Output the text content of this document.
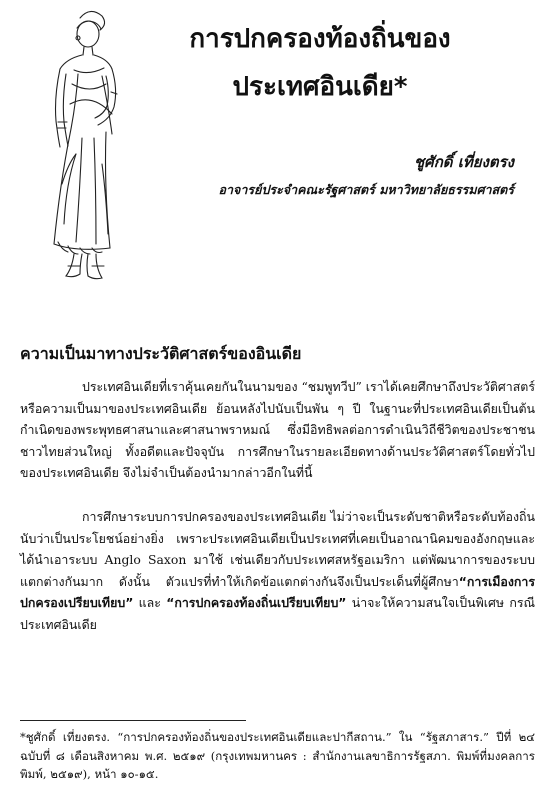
การปกครองท้องถิ่นของ
ประเทศอินเดีย*

ชูศักดิ์ เที่ยงตรง

อาจารย์ประจำคณะรัฐศาสตร์ มหาวิทยาลัยธรรมศาสตร์

ความเป็นมาทางประวัติศาสตร์ของอินเดีย

ประเทศอินเดียที่เราคุ้นเคยกันในนามของ “ชมพูทวีป” เราได้เคยศึกษาถึงประวัติศาสตร์หรือความเป็นมาของประเทศอินเดีย ย้อนหลังไปนับเป็นพัน ๆ ปี ในฐานะที่ประเทศอินเดียเป็นต้นกำเนิดของพระพุทธศาสนาและศาสนาพราหมณ์ ซึ่งมีอิทธิพลต่อการดำเนินวิถีชีวิตของประชาชนชาวไทยส่วนใหญ่ ทั้งอดีตและปัจจุบัน การศึกษาในรายละเอียดทางด้านประวัติศาสตร์โดยทั่วไปของประเทศอินเดีย จึงไม่จำเป็นต้องนำมากล่าวอีกในที่นี้

การศึกษาระบบการปกครองของประเทศอินเดีย ไม่ว่าจะเป็นระดับชาติหรือระดับท้องถิ่นนับว่าเป็นประโยชน์อย่างยิ่ง เพราะประเทศอินเดียเป็นประเทศที่เคยเป็นอาณานิคมของอังกฤษและได้นำเอาระบบ Anglo Saxon มาใช้ เช่นเดียวกับประเทศสหรัฐอเมริกา แต่พัฒนาการของระบบแตกต่างกันมาก ดังนั้น ตัวแปรที่ทำให้เกิดข้อแตกต่างกันจึงเป็นประเด็นที่ผู้ศึกษา“การเมืองการปกครองเปรียบเทียบ” และ “การปกครองท้องถิ่นเปรียบเทียบ” น่าจะให้ความสนใจเป็นพิเศษ กรณีประเทศอินเดีย

*ชูศักดิ์ เที่ยงตรง. “การปกครองท้องถิ่นของประเทศอินเดียและปากีสถาน.” ใน “รัฐสภาสาร.” ปีที่ ๒๔ ฉบับที่ ๘ เดือนสิงหาคม พ.ศ. ๒๕๑๙ (กรุงเทพมหานคร : สำนักงานเลขาธิการรัฐสภา. พิมพ์ที่มงคลการพิมพ์, ๒๕๑๙), หน้า ๑๐-๑๕.
